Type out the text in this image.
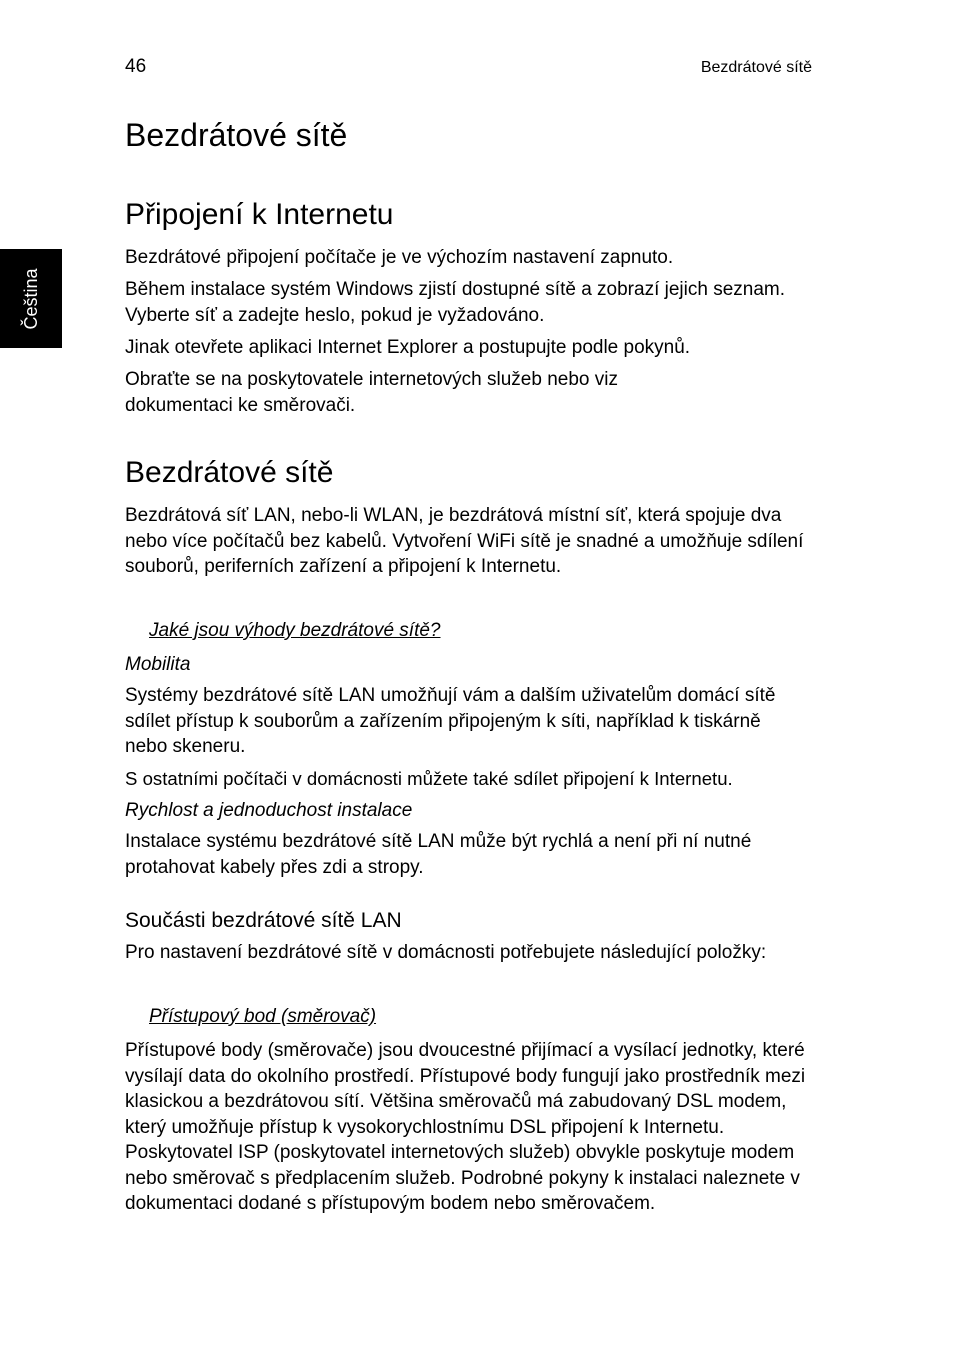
46	Bezdrátové sítě
Čeština
Bezdrátové sítě
Připojení k Internetu
Bezdrátové připojení počítače je ve výchozím nastavení zapnuto.
Během instalace systém Windows zjistí dostupné sítě a zobrazí jejich seznam. Vyberte síť a zadejte heslo, pokud je vyžadováno.
Jinak otevřete aplikaci Internet Explorer a postupujte podle pokynů.
Obraťte se na poskytovatele internetových služeb nebo viz dokumentaci ke směrovači.
Bezdrátové sítě
Bezdrátová síť LAN, nebo-li WLAN, je bezdrátová místní síť, která spojuje dva nebo více počítačů bez kabelů. Vytvoření WiFi sítě je snadné a umožňuje sdílení souborů, periferních zařízení a připojení k Internetu.
Jaké jsou výhody bezdrátové sítě?
Mobilita
Systémy bezdrátové sítě LAN umožňují vám a dalším uživatelům domácí sítě sdílet přístup k souborům a zařízením připojeným k síti, například k tiskárně nebo skeneru.
S ostatními počítači v domácnosti můžete také sdílet připojení k Internetu.
Rychlost a jednoduchost instalace
Instalace systému bezdrátové sítě LAN může být rychlá a není při ní nutné protahovat kabely přes zdi a stropy.
Součásti bezdrátové sítě LAN
Pro nastavení bezdrátové sítě v domácnosti potřebujete následující položky:
Přístupový bod (směrovač)
Přístupové body (směrovače) jsou dvoucestné přijímací a vysílací jednotky, které vysílají data do okolního prostředí. Přístupové body fungují jako prostředník mezi klasickou a bezdrátovou sítí. Většina směrovačů má zabudovaný DSL modem, který umožňuje přístup k vysokorychlostnímu DSL připojení k Internetu. Poskytovatel ISP (poskytovatel internetových služeb) obvykle poskytuje modem nebo směrovač s předplacením služeb. Podrobné pokyny k instalaci naleznete v dokumentaci dodané s přístupovým bodem nebo směrovačem.
